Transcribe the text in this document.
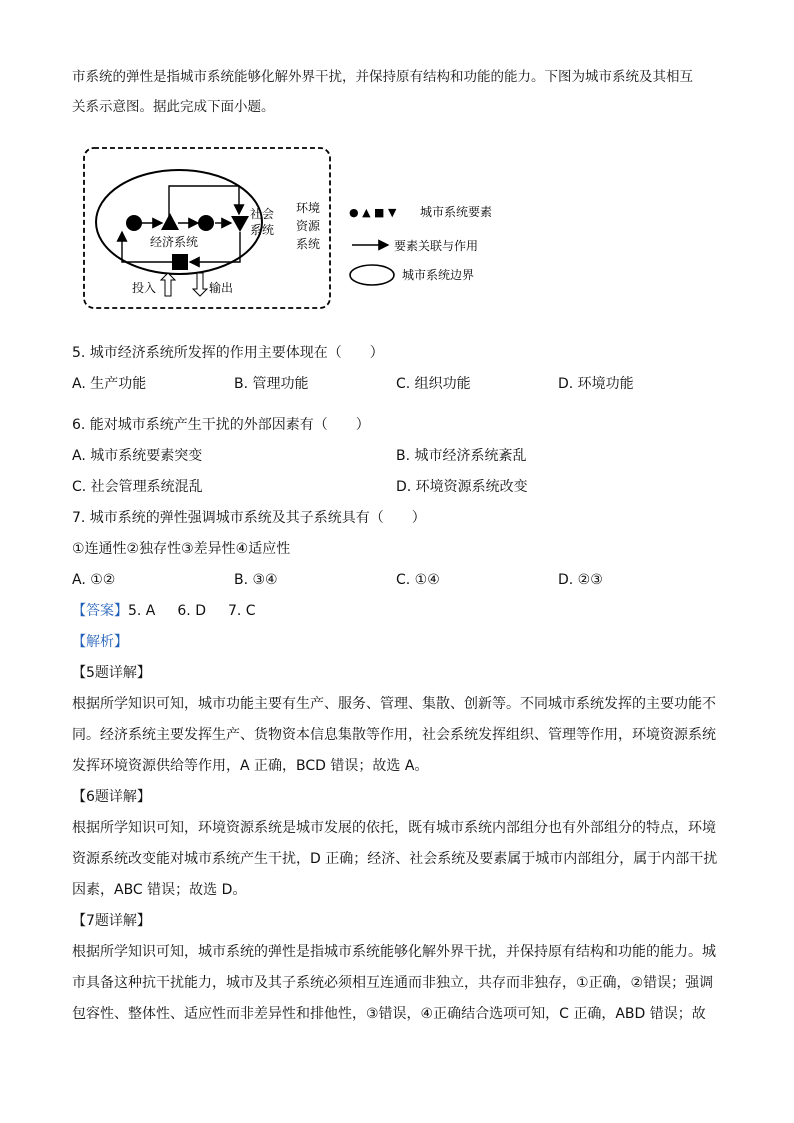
市系统的弹性是指城市系统能够化解外界干扰，并保持原有结构和功能的能力。下图为城市系统及其相互

关系示意图。据此完成下面小题。

社会
系统
经济系统
环境
资源
系统
投入	输出
● ▲ ■ ▼ 城市系统要素
要素关联与作用
城市系统边界

5. 城市经济系统所发挥的作用主要体现在（　　）

A. 生产功能	B. 管理功能	C. 组织功能	D. 环境功能

6. 能对城市系统产生干扰的外部因素有（　　）

A. 城市系统要素突变	B. 城市经济系统紊乱
C. 社会管理系统混乱	D. 环境资源系统改变

7. 城市系统的弹性强调城市系统及其子系统具有（　　）

①连通性②独存性③差异性④适应性

A. ①②	B. ③④	C. ①④	D. ②③
【答案】5. A 6. D 7. C
【解析】

【5题详解】

根据所学知识可知，城市功能主要有生产、服务、管理、集散、创新等。不同城市系统发挥的主要功能不

同。经济系统主要发挥生产、货物资本信息集散等作用，社会系统发挥组织、管理等作用，环境资源系统

发挥环境资源供给等作用，A 正确，BCD 错误；故选 A。

【6题详解】

根据所学知识可知，环境资源系统是城市发展的依托，既有城市系统内部组分也有外部组分的特点，环境

资源系统改变能对城市系统产生干扰，D 正确；经济、社会系统及要素属于城市内部组分，属于内部干扰

因素，ABC 错误；故选 D。

【7题详解】

根据所学知识可知，城市系统的弹性是指城市系统能够化解外界干扰，并保持原有结构和功能的能力。城

市具备这种抗干扰能力，城市及其子系统必须相互连通而非独立，共存而非独存，①正确，②错误；强调

包容性、整体性、适应性而非差异性和排他性，③错误，④正确结合选项可知，C 正确，ABD 错误；故
